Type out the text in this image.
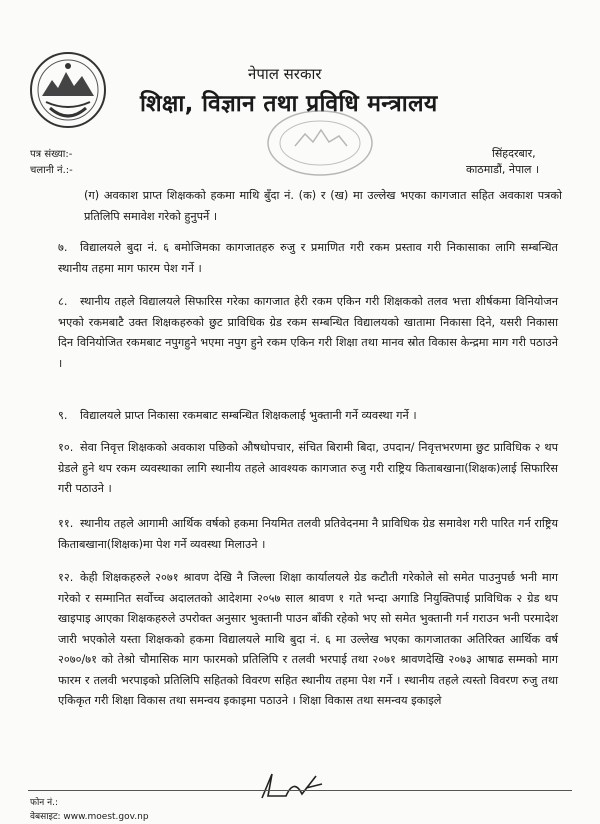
नेपाल सरकार
शिक्षा, विज्ञान तथा प्रविधि मन्त्रालय
पत्र संख्या:-
चलानी नं.:-
सिंहदरबार,
काठमाडौं, नेपाल ।
(ग) अवकाश प्राप्त शिक्षकको हकमा माथि बुँदा नं. (क) र (ख) मा उल्लेख भएका कागजात सहित अवकाश पत्रको प्रतिलिपि समावेश गरेको हुनुपर्ने ।
७. विद्यालयले बुदा नं. ६ बमोजिमका कागजातहरु रुजु र प्रमाणित गरी रकम प्रस्ताव गरी निकासाका लागि सम्बन्धित स्थानीय तहमा माग फारम पेश गर्ने ।
८. स्थानीय तहले विद्यालयले सिफारिस गरेका कागजात हेरी रकम एकिन गरी शिक्षकको तलव भत्ता शीर्षकमा विनियोजन भएको रकमबाटै उक्त शिक्षकहरुको छुट प्राविधिक ग्रेड रकम सम्बन्धित विद्यालयको खातामा निकासा दिने, यसरी निकासा दिन विनियोजित रकमबाट नपुगहुने भएमा नपुग हुने रकम एकिन गरी शिक्षा तथा मानव स्रोत विकास केन्द्रमा माग गरी पठाउने ।
९. विद्यालयले प्राप्त निकासा रकमबाट सम्बन्धित शिक्षकलाई भुक्तानी गर्ने व्यवस्था गर्ने ।
१०. सेवा निवृत्त शिक्षकको अवकाश पछिको औषधोपचार, संचित बिरामी बिदा, उपदान/ निवृत्तभरणमा छुट प्राविधिक २ थप ग्रेडले हुने थप रकम व्यवस्थाका लागि स्थानीय तहले आवश्यक कागजात रुजु गरी राष्ट्रिय किताबखाना(शिक्षक)लाई सिफारिस गरी पठाउने ।
११. स्थानीय तहले आगामी आर्थिक वर्षको हकमा नियमित तलवी प्रतिवेदनमा नै प्राविधिक ग्रेड समावेश गरी पारित गर्न राष्ट्रिय किताबखाना(शिक्षक)मा पेश गर्ने व्यवस्था मिलाउने ।
१२. केही शिक्षकहरुले २०७१ श्रावण देखि नै जिल्ला शिक्षा कार्यालयले ग्रेड कटौती गरेकोले सो समेत पाउनुपर्छ भनी माग गरेको र सम्मानित सर्वोच्च अदालतको आदेशमा २०५७ साल श्रावण १ गते भन्दा अगाडि नियुक्तिपाई प्राविधिक २ ग्रेड थप खाइपाइ आएका शिक्षकहरुले उपरोक्त अनुसार भुक्तानी पाउन बाँकी रहेको भए सो समेत भुक्तानी गर्न गराउन भनी परमादेश जारी भएकोले यस्ता शिक्षकको हकमा विद्यालयले माथि बुदा नं. ६ मा उल्लेख भएका कागजातका अतिरिक्त आर्थिक वर्ष २०७०/७१ को तेश्रो चौमासिक माग फारमको प्रतिलिपि र तलवी भरपाई तथा २०७१ श्रावणदेखि २०७३ आषाढ सम्मको माग फारम र तलवी भरपाइको प्रतिलिपि सहितको विवरण सहित स्थानीय तहमा पेश गर्ने । स्थानीय तहले त्यस्तो विवरण रुजु तथा एकिकृत गरी शिक्षा विकास तथा समन्वय इकाइमा पठाउने । शिक्षा विकास तथा समन्वय इकाइले
फोन नं.:
वेबसाइट: www.moest.gov.np
